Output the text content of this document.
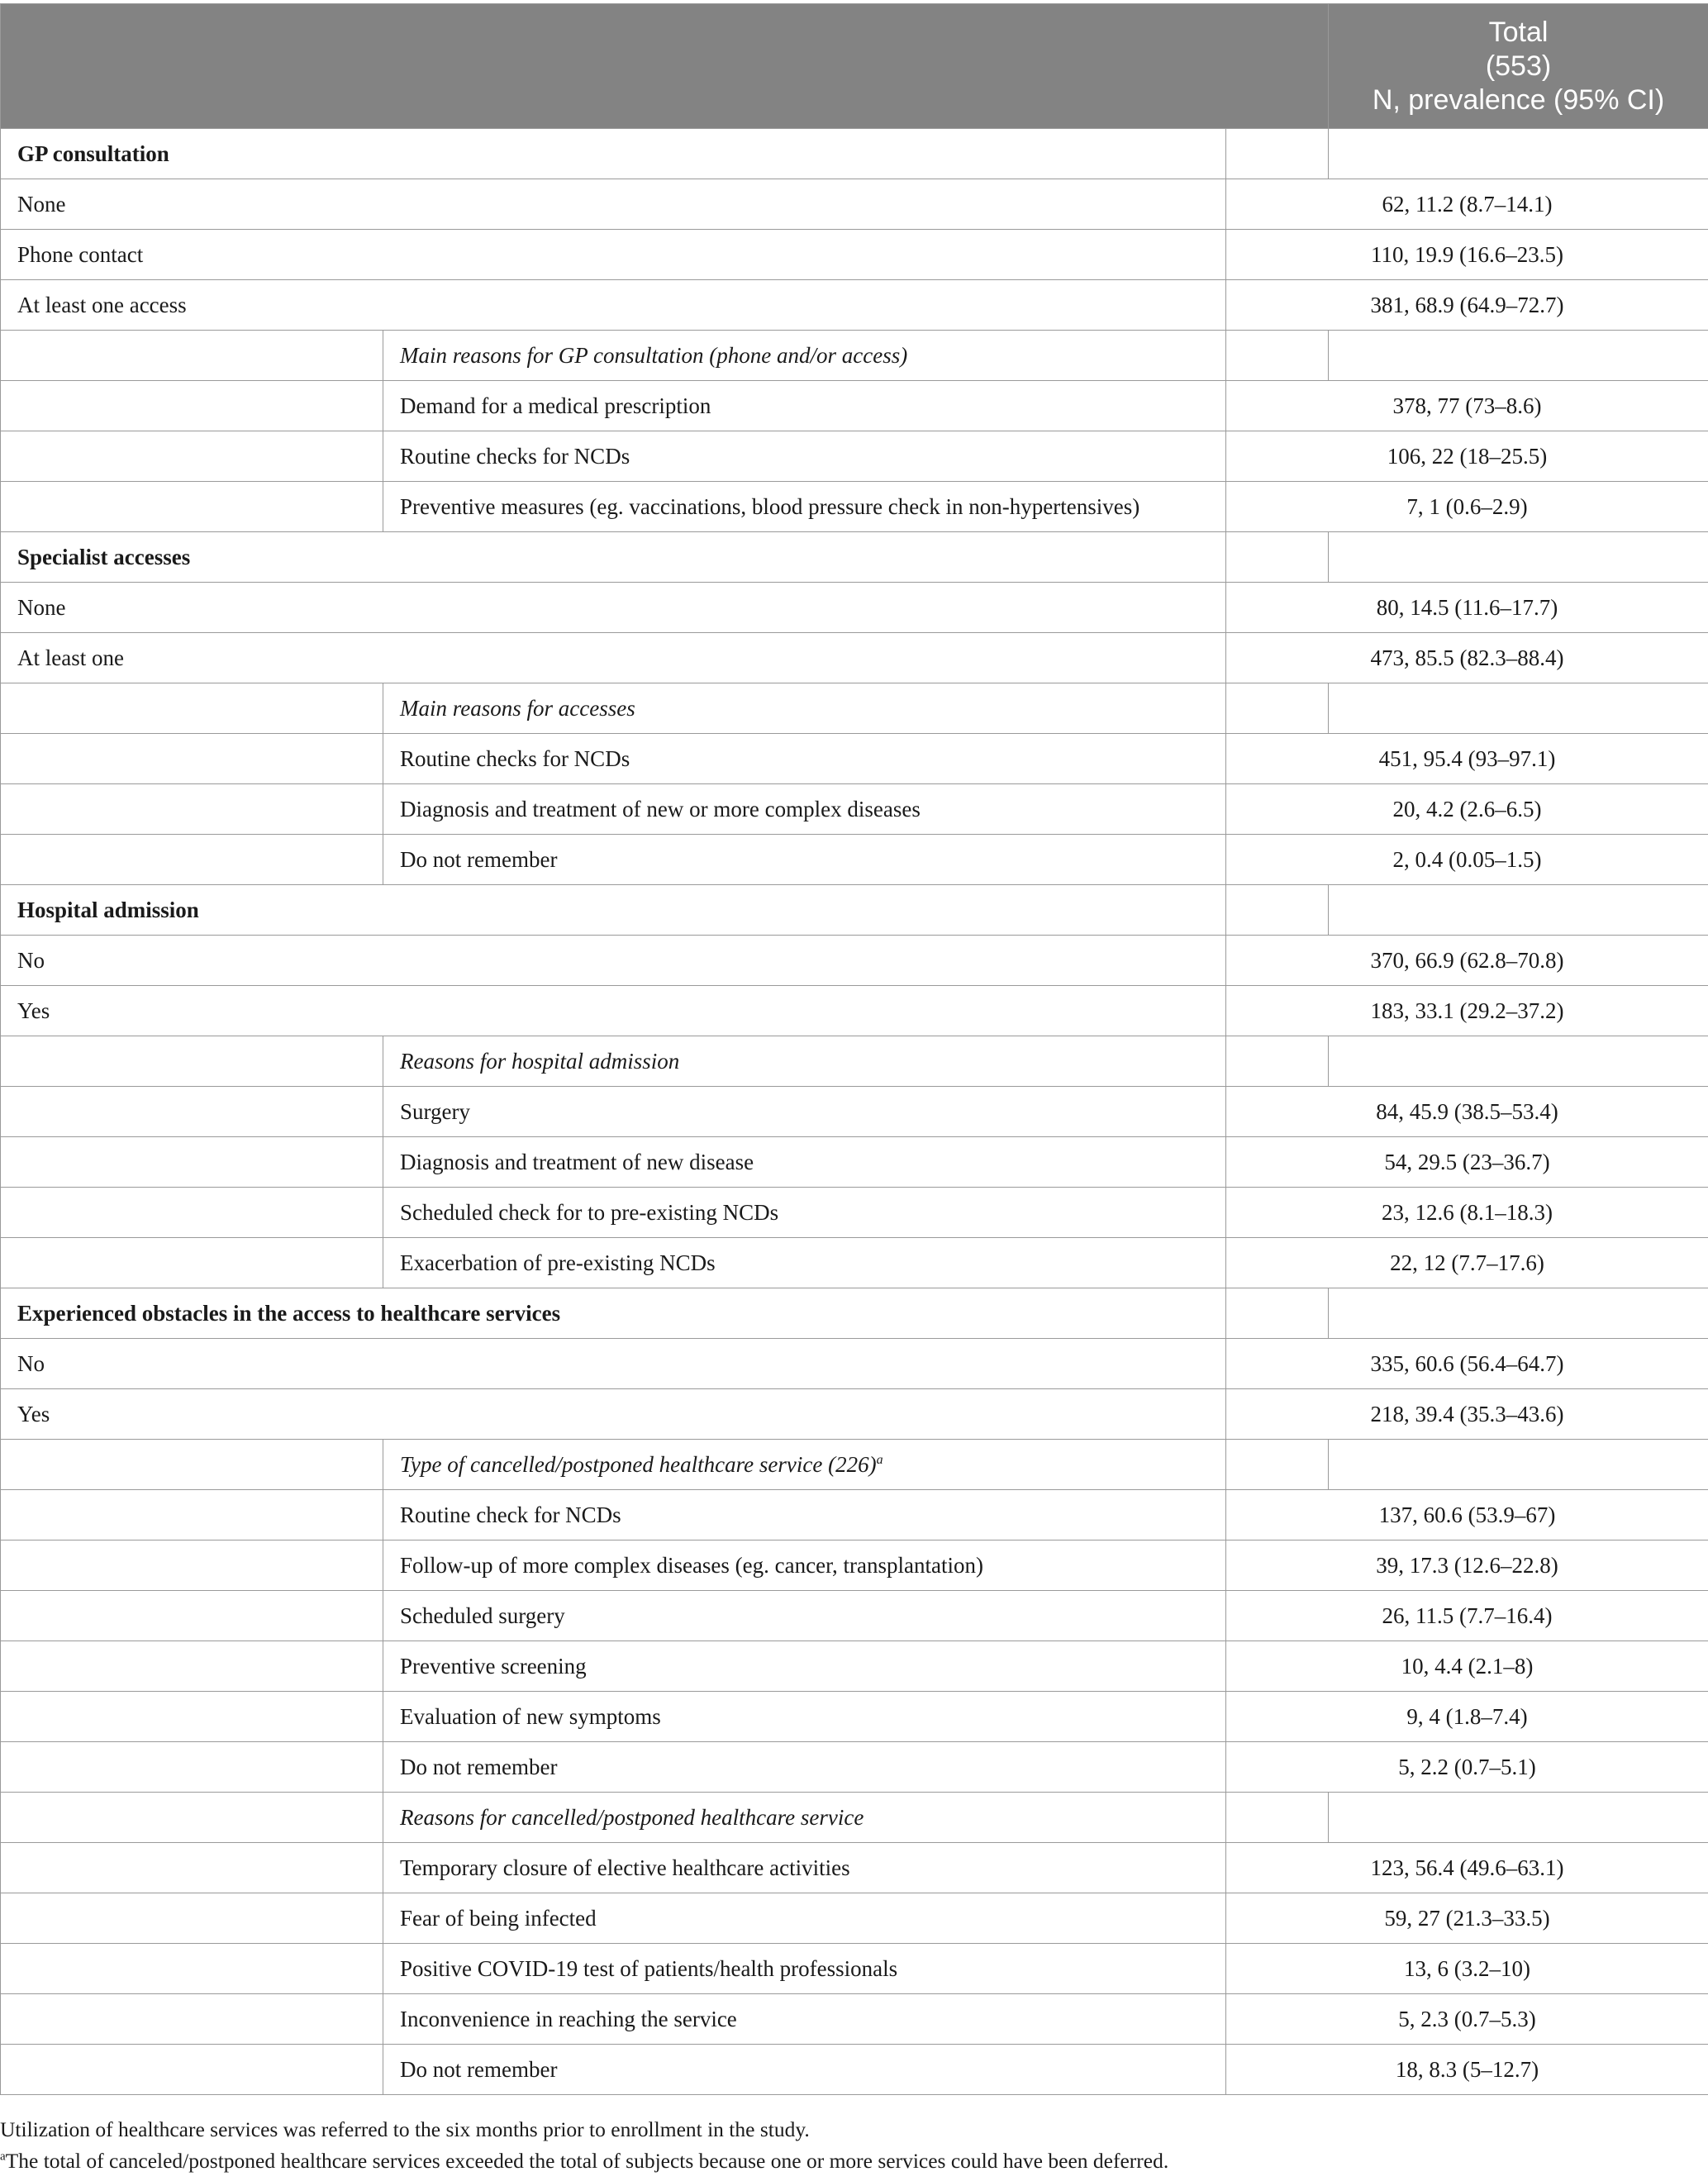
			Total
(553)
N, prevalence (95% CI)

GP consultation			
None		62, 11.2 (8.7–14.1)	
Phone contact		110, 19.9 (16.6–23.5)	
At least one access		381, 68.9 (64.9–72.7)	
	Main reasons for GP consultation (phone and/or access)		
	Demand for a medical prescription	378, 77 (73–8.6)	
	Routine checks for NCDs	106, 22 (18–25.5)	
	Preventive measures (eg. vaccinations, blood pressure check in non-hypertensives)	7, 1 (0.6–2.9)	
Specialist accesses			
None		80, 14.5 (11.6–17.7)	
At least one		473, 85.5 (82.3–88.4)	
	Main reasons for accesses		
	Routine checks for NCDs	451, 95.4 (93–97.1)	
	Diagnosis and treatment of new or more complex diseases	20, 4.2 (2.6–6.5)	
	Do not remember	2, 0.4 (0.05–1.5)	
Hospital admission			
No		370, 66.9 (62.8–70.8)	
Yes		183, 33.1 (29.2–37.2)	
	Reasons for hospital admission		
	Surgery	84, 45.9 (38.5–53.4)	
	Diagnosis and treatment of new disease	54, 29.5 (23–36.7)	
	Scheduled check for to pre-existing NCDs	23, 12.6 (8.1–18.3)	
	Exacerbation of pre-existing NCDs	22, 12 (7.7–17.6)	
Experienced obstacles in the access to healthcare services			
No		335, 60.6 (56.4–64.7)	
Yes		218, 39.4 (35.3–43.6)	
	Type of cancelled/postponed healthcare service $(226)^a$		
	Routine check for NCDs	137, 60.6 (53.9–67)	
	Follow-up of more complex diseases (eg. cancer, transplantation)	39, 17.3 (12.6–22.8)	
	Scheduled surgery	26, 11.5 (7.7–16.4)	
	Preventive screening	10, 4.4 (2.1–8)	
	Evaluation of new symptoms	9, 4 (1.8–7.4)	
	Do not remember	5, 2.2 (0.7–5.1)	
	Reasons for cancelled/postponed healthcare service		
	Temporary closure of elective healthcare activities	123, 56.4 (49.6–63.1)	
	Fear of being infected	59, 27 (21.3–33.5)	
	Positive COVID-19 test of patients/health professionals	13, 6 (3.2–10)	
	Inconvenience in reaching the service	5, 2.3 (0.7–5.3)	
	Do not remember	18, 8.3 (5–12.7)	

Utilization of healthcare services was referred to the six months prior to enrollment in the study.

$^a$The total of canceled/postponed healthcare services exceeded the total of subjects because one or more services could have been deferred.
